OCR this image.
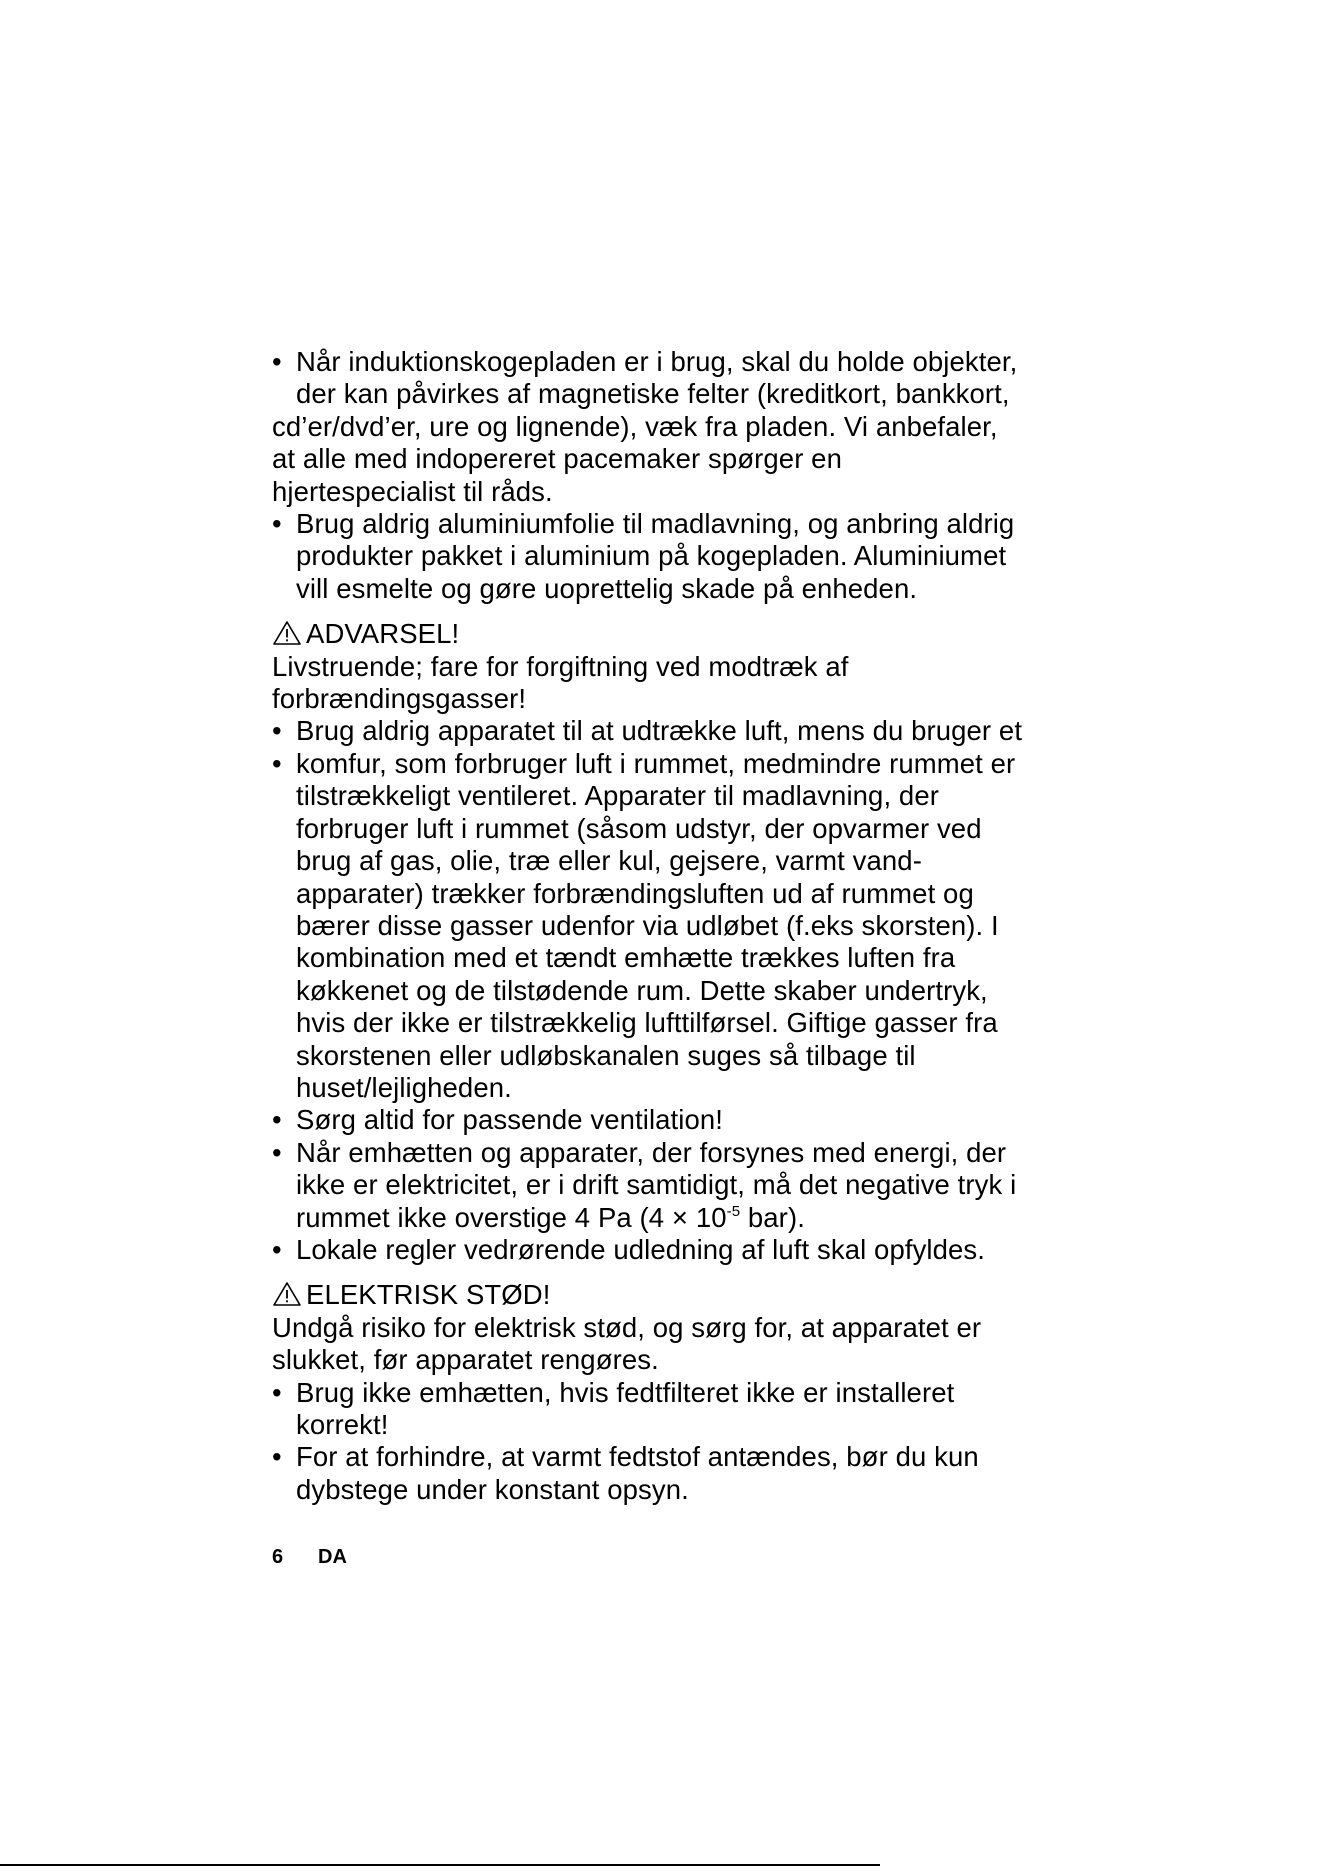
• Når induktionskogepladen er i brug, skal du holde objekter,
der kan påvirkes af magnetiske felter (kreditkort, bankkort,
cd’er/dvd’er, ure og lignende), væk fra pladen. Vi anbefaler,
at alle med indopereret pacemaker spørger en
hjertespecialist til råds.
• Brug aldrig aluminiumfolie til madlavning, og anbring aldrig
produkter pakket i aluminium på kogepladen. Aluminiumet
vill esmelte og gøre uoprettelig skade på enheden.
ADVARSEL!
Livstruende; fare for forgiftning ved modtræk af
forbrændingsgasser!
• Brug aldrig apparatet til at udtrække luft, mens du bruger et
• komfur, som forbruger luft i rummet, medmindre rummet er
tilstrækkeligt ventileret. Apparater til madlavning, der
forbruger luft i rummet (såsom udstyr, der opvarmer ved
brug af gas, olie, træ eller kul, gejsere, varmt vand-
apparater) trækker forbrændingsluften ud af rummet og
bærer disse gasser udenfor via udløbet (f.eks skorsten). I
kombination med et tændt emhætte trækkes luften fra
køkkenet og de tilstødende rum. Dette skaber undertryk,
hvis der ikke er tilstrækkelig lufttilførsel. Giftige gasser fra
skorstenen eller udløbskanalen suges så tilbage til
huset/lejligheden.
• Sørg altid for passende ventilation!
• Når emhætten og apparater, der forsynes med energi, der
ikke er elektricitet, er i drift samtidigt, må det negative tryk i
rummet ikke overstige 4 Pa ($4 \times 10^{-5}$ bar).
• Lokale regler vedrørende udledning af luft skal opfyldes.
ELEKTRISK STØD!
Undgå risiko for elektrisk stød, og sørg for, at apparatet er
slukket, før apparatet rengøres.
• Brug ikke emhætten, hvis fedtfilteret ikke er installeret
korrekt!
• For at forhindre, at varmt fedtstof antændes, bør du kun
dybstege under konstant opsyn.
6 DA
